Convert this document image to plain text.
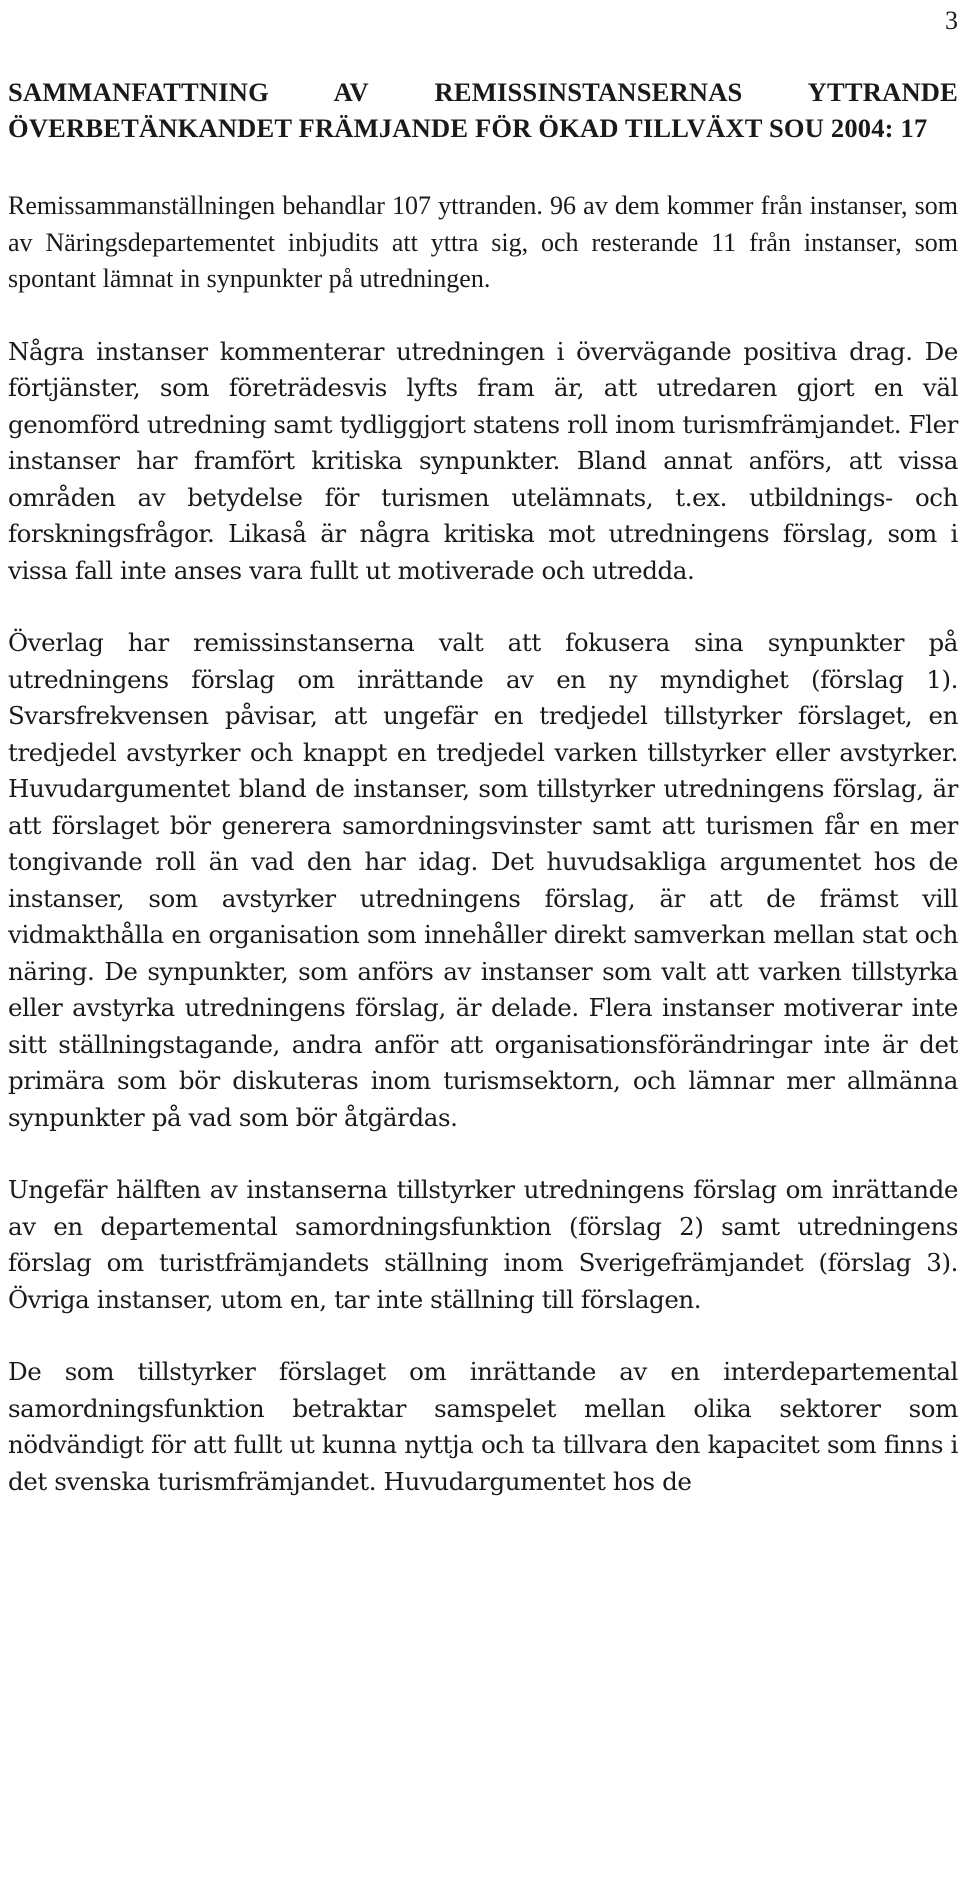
3
SAMMANFATTNING AV REMISSINSTANSERNAS YTTRANDE ÖVERBETÄNKANDET FRÄMJANDE FÖR ÖKAD TILLVÄXT SOU 2004: 17

Remissammanställningen behandlar 107 yttranden. 96 av dem kommer från instanser, som av Näringsdepartementet inbjudits att yttra sig, och resterande 11 från instanser, som spontant lämnat in synpunkter på utredningen.

Några instanser kommenterar utredningen i övervägande positiva drag. De förtjänster, som företrädesvis lyfts fram är, att utredaren gjort en väl genomförd utredning samt tydliggjort statens roll inom turismfrämjandet. Fler instanser har framfört kritiska synpunkter. Bland annat anförs, att vissa områden av betydelse för turismen utelämnats, t.ex. utbildnings- och forskningsfrågor. Likaså är några kritiska mot utredningens förslag, som i vissa fall inte anses vara fullt ut motiverade och utredda.

Överlag har remissinstanserna valt att fokusera sina synpunkter på utredningens förslag om inrättande av en ny myndighet (förslag 1). Svarsfrekvensen påvisar, att ungefär en tredjedel tillstyrker förslaget, en tredjedel avstyrker och knappt en tredjedel varken tillstyrker eller avstyrker. Huvudargumentet bland de instanser, som tillstyrker utredningens förslag, är att förslaget bör generera samordningsvinster samt att turismen får en mer tongivande roll än vad den har idag. Det huvudsakliga argumentet hos de instanser, som avstyrker utredningens förslag, är att de främst vill vidmakthålla en organisation som innehåller direkt samverkan mellan stat och näring. De synpunkter, som anförs av instanser som valt att varken tillstyrka eller avstyrka utredningens förslag, är delade. Flera instanser motiverar inte sitt ställningstagande, andra anför att organisationsförändringar inte är det primära som bör diskuteras inom turismsektorn, och lämnar mer allmänna synpunkter på vad som bör åtgärdas.

Ungefär hälften av instanserna tillstyrker utredningens förslag om inrättande av en departemental samordningsfunktion (förslag 2) samt utredningens förslag om turistfrämjandets ställning inom Sverigefrämjandet (förslag 3). Övriga instanser, utom en, tar inte ställning till förslagen.

De som tillstyrker förslaget om inrättande av en interdepartemental samordningsfunktion betraktar samspelet mellan olika sektorer som nödvändigt för att fullt ut kunna nyttja och ta tillvara den kapacitet som finns i det svenska turismfrämjandet. Huvudargumentet hos de
